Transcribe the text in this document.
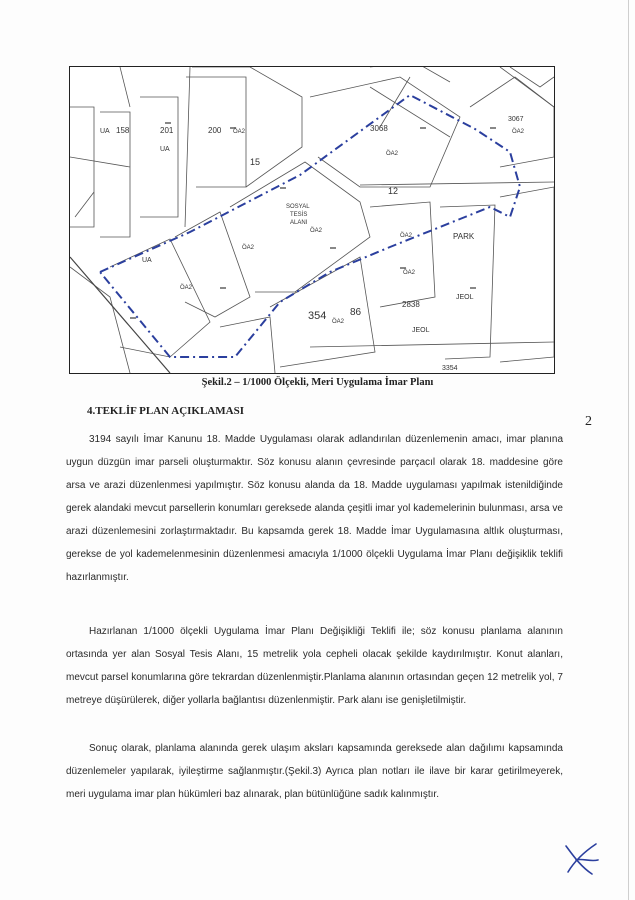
UA 158	201
UA
200 ÖA2	3068
ÖA2
3067
ÖA2
15
12
SOSYAL
TESİS
ALANI
ÖA2
ÖA2
UA
ÖA2
ÖA2	PARK
ÖA2
2838
354 ÖA2
86
JEOL
JEOL
3354
Şekil.2 – 1/1000 Ölçekli, Meri Uygulama İmar Planı
4.TEKLİF PLAN AÇIKLAMASI
2

3194 sayılı İmar Kanunu 18. Madde Uygulaması olarak adlandırılan düzenlemenin amacı, imar planına uygun düzgün imar parseli oluşturmaktır. Söz konusu alanın çevresinde parçacıl olarak 18. maddesine göre arsa ve arazi düzenlenmesi yapılmıştır. Söz konusu alanda da 18. Madde uygulaması yapılmak istenildiğinde gerek alandaki mevcut parsellerin konumları gereksede alanda çeşitli imar yol kademelerinin bulunması, arsa ve arazi düzenlemesini zorlaştırmaktadır. Bu kapsamda gerek 18. Madde İmar Uygulamasına altlık oluşturması, gerekse de yol kademelenmesinin düzenlenmesi amacıyla 1/1000 ölçekli Uygulama İmar Planı değişiklik teklifi hazırlanmıştır.

Hazırlanan 1/1000 ölçekli Uygulama İmar Planı Değişikliği Teklifi ile; söz konusu planlama alanının ortasında yer alan Sosyal Tesis Alanı, 15 metrelik yola cepheli olacak şekilde kaydırılmıştır. Konut alanları, mevcut parsel konumlarına göre tekrardan düzenlenmiştir.Planlama alanının ortasından geçen 12 metrelik yol, 7 metreye düşürülerek, diğer yollarla bağlantısı düzenlenmiştir. Park alanı ise genişletilmiştir.

Sonuç olarak, planlama alanında gerek ulaşım aksları kapsamında gereksede alan dağılımı kapsamında düzenlemeler yapılarak, iyileştirme sağlanmıştır.(Şekil.3) Ayrıca plan notları ile ilave bir karar getirilmeyerek, meri uygulama imar plan hükümleri baz alınarak, plan bütünlüğüne sadık kalınmıştır.
